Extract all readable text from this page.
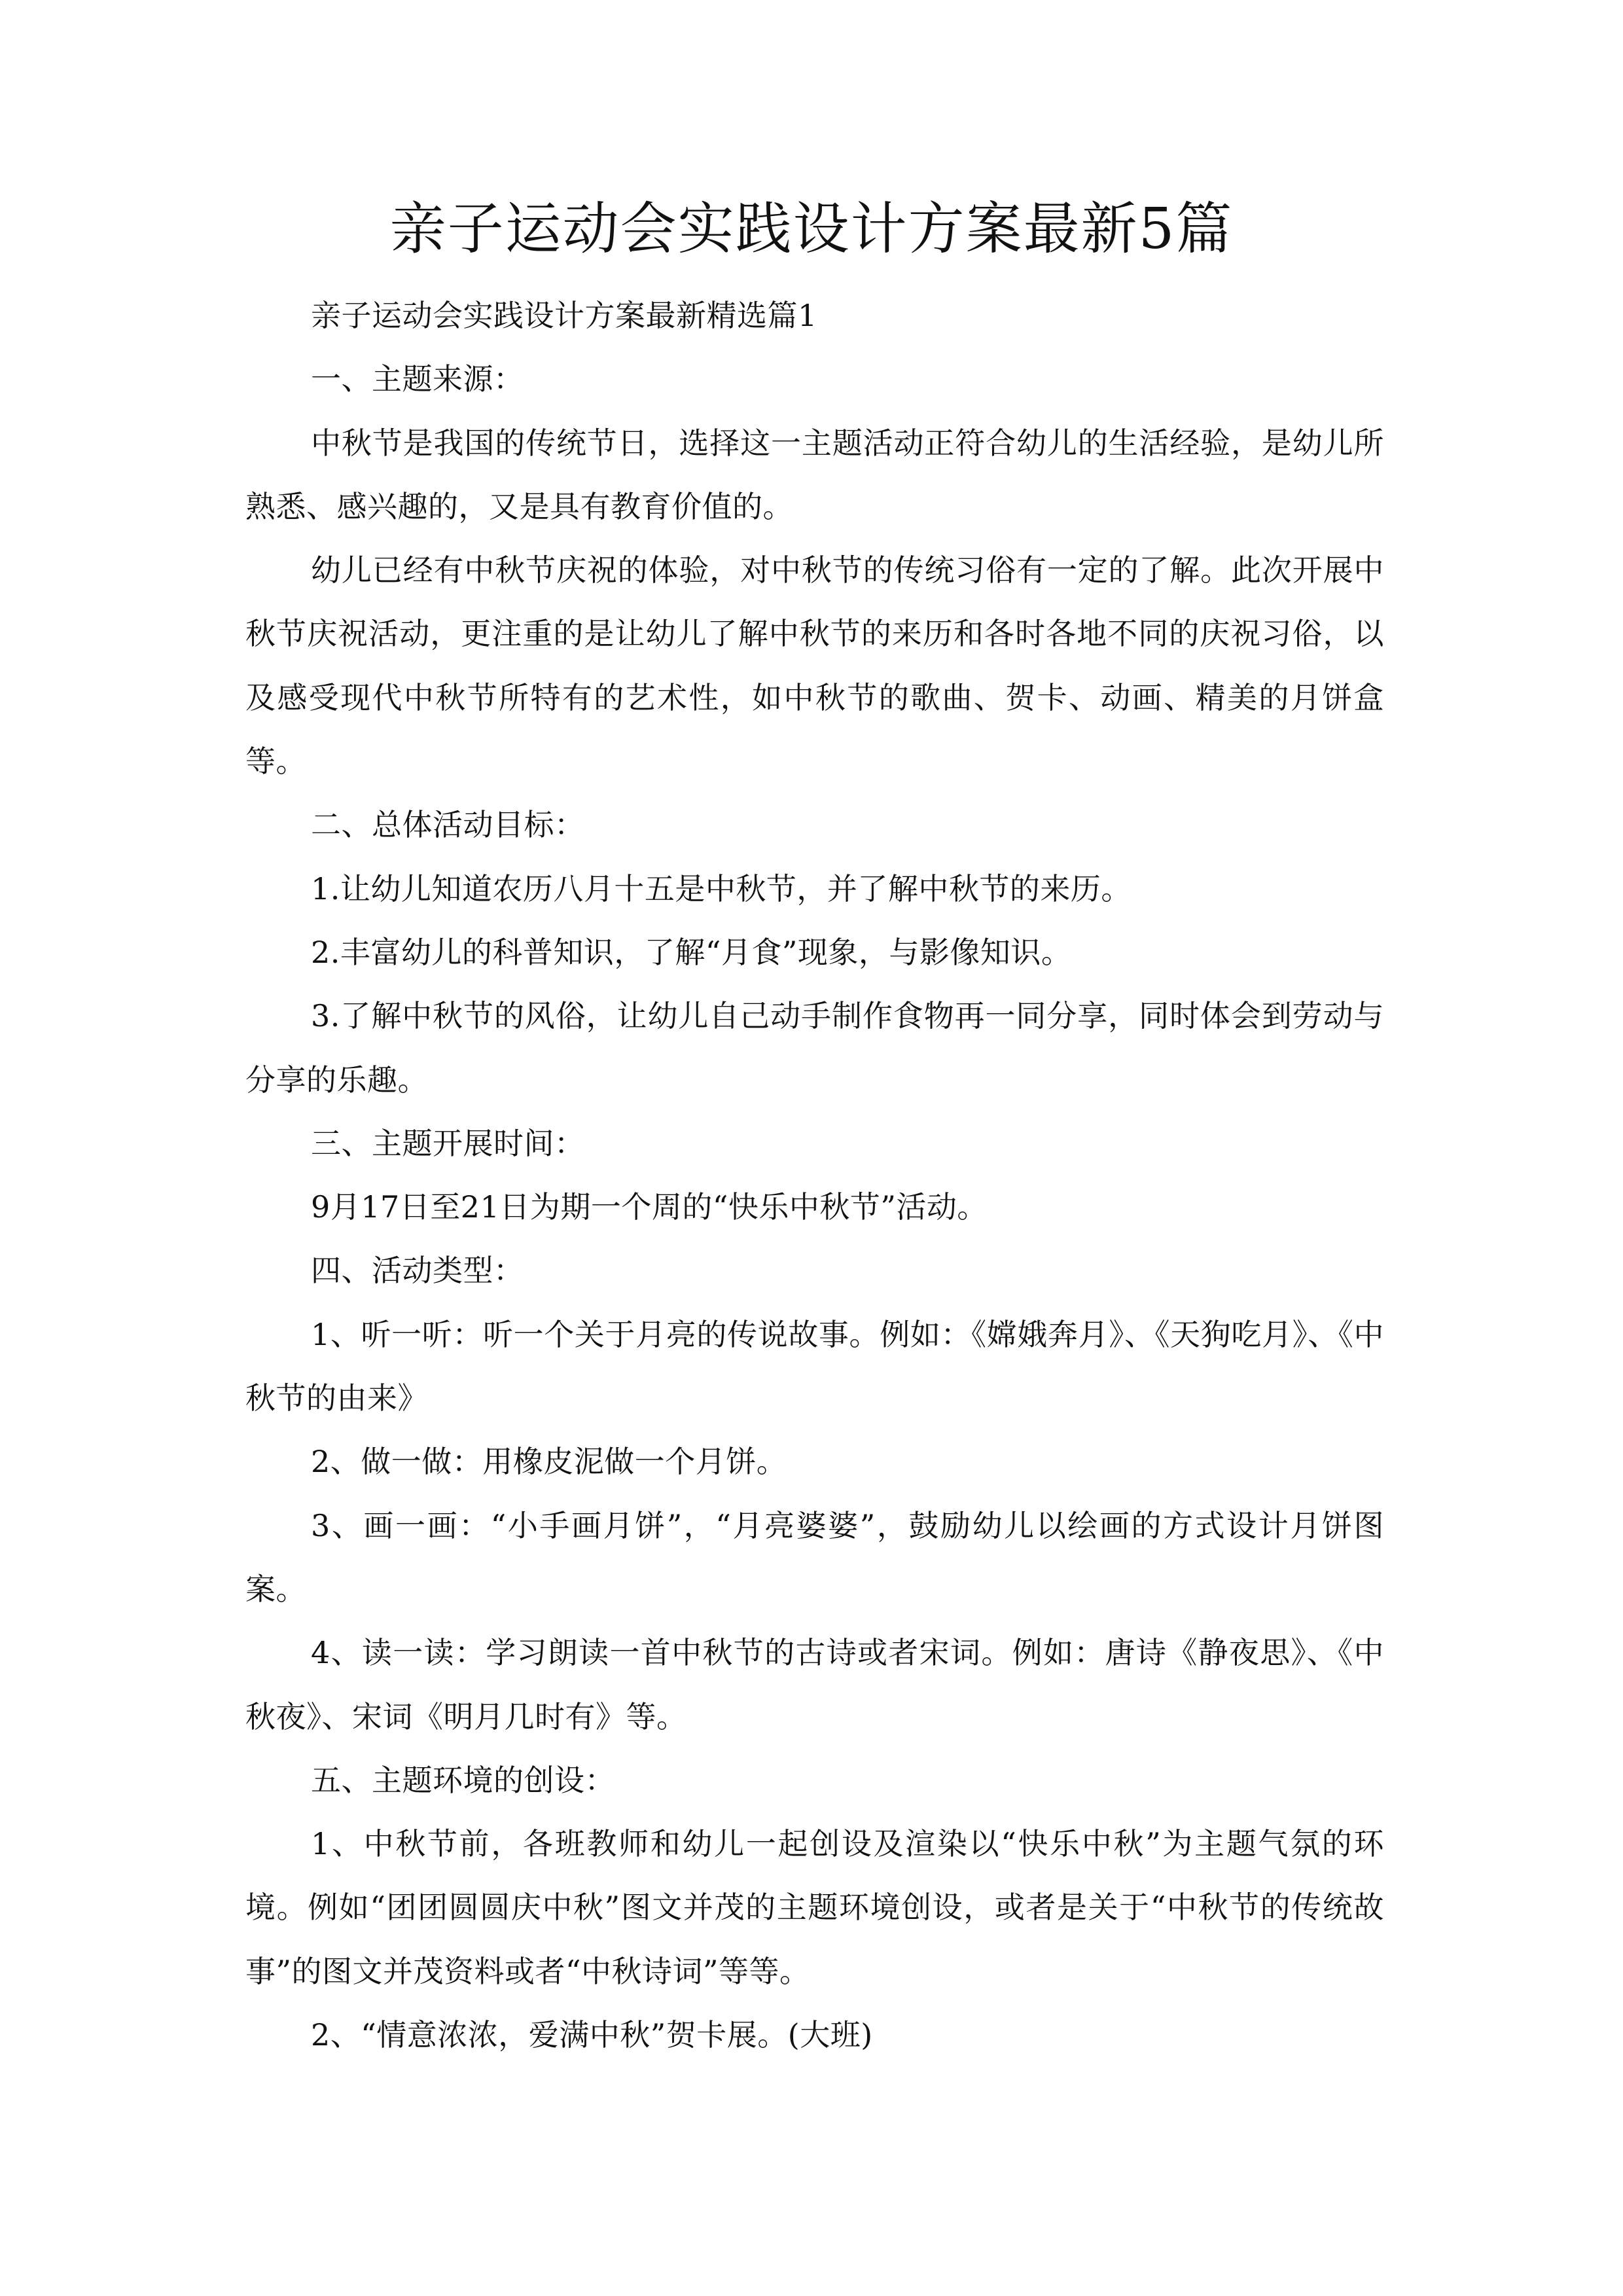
亲子运动会实践设计方案最新5篇

亲子运动会实践设计方案最新精选篇1

一、主题来源：

中秋节是我国的传统节日，选择这一主题活动正符合幼儿的生活经验，是幼儿所熟悉、感兴趣的，又是具有教育价值的。

幼儿已经有中秋节庆祝的体验，对中秋节的传统习俗有一定的了解。此次开展中秋节庆祝活动，更注重的是让幼儿了解中秋节的来历和各时各地不同的庆祝习俗，以及感受现代中秋节所特有的艺术性，如中秋节的歌曲、贺卡、动画、精美的月饼盒等。

二、总体活动目标：

1.让幼儿知道农历八月十五是中秋节，并了解中秋节的来历。

2.丰富幼儿的科普知识，了解“月食”现象，与影像知识。

3.了解中秋节的风俗，让幼儿自己动手制作食物再一同分享，同时体会到劳动与分享的乐趣。

三、主题开展时间：

9月17日至21日为期一个周的“快乐中秋节”活动。

四、活动类型：

1、听一听：听一个关于月亮的传说故事。例如：《嫦娥奔月》、《天狗吃月》、《中秋节的由来》

2、做一做：用橡皮泥做一个月饼。

3、画一画：“小手画月饼”，“月亮婆婆”，鼓励幼儿以绘画的方式设计月饼图案。

4、读一读：学习朗读一首中秋节的古诗或者宋词。例如：唐诗《静夜思》、《中秋夜》、宋词《明月几时有》等。

五、主题环境的创设：

1、中秋节前，各班教师和幼儿一起创设及渲染以“快乐中秋”为主题气氛的环境。例如“团团圆圆庆中秋”图文并茂的主题环境创设，或者是关于“中秋节的传统故事”的图文并茂资料或者“中秋诗词”等等。

2、“情意浓浓，爱满中秋”贺卡展。(大班)
